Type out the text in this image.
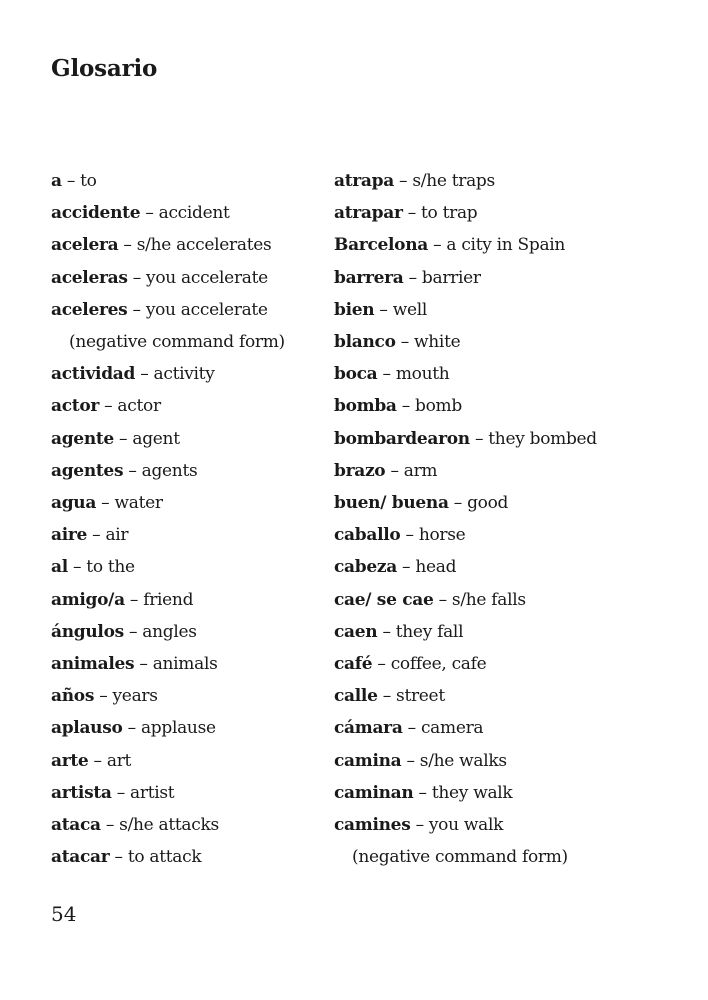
Glosario
a – to
accidente – accident
acelera – s/he accelerates
aceleras – you accelerate
aceleres – you accelerate
(negative command form)
actividad – activity
actor – actor
agente – agent
agentes – agents
agua – water
aire – air
al – to the
amigo/a – friend
ángulos – angles
animales – animals
años – years
aplauso – applause
arte – art
artista – artist
ataca – s/he attacks
atacar – to attack
atrapa – s/he traps
atrapar – to trap
Barcelona – a city in Spain
barrera – barrier
bien – well
blanco – white
boca – mouth
bomba – bomb
bombardearon – they bombed
brazo – arm
buen/ buena – good
caballo – horse
cabeza – head
cae/ se cae – s/he falls
caen – they fall
café – coffee, cafe
calle – street
cámara – camera
camina – s/he walks
caminan – they walk
camines – you walk
(negative command form)
54
